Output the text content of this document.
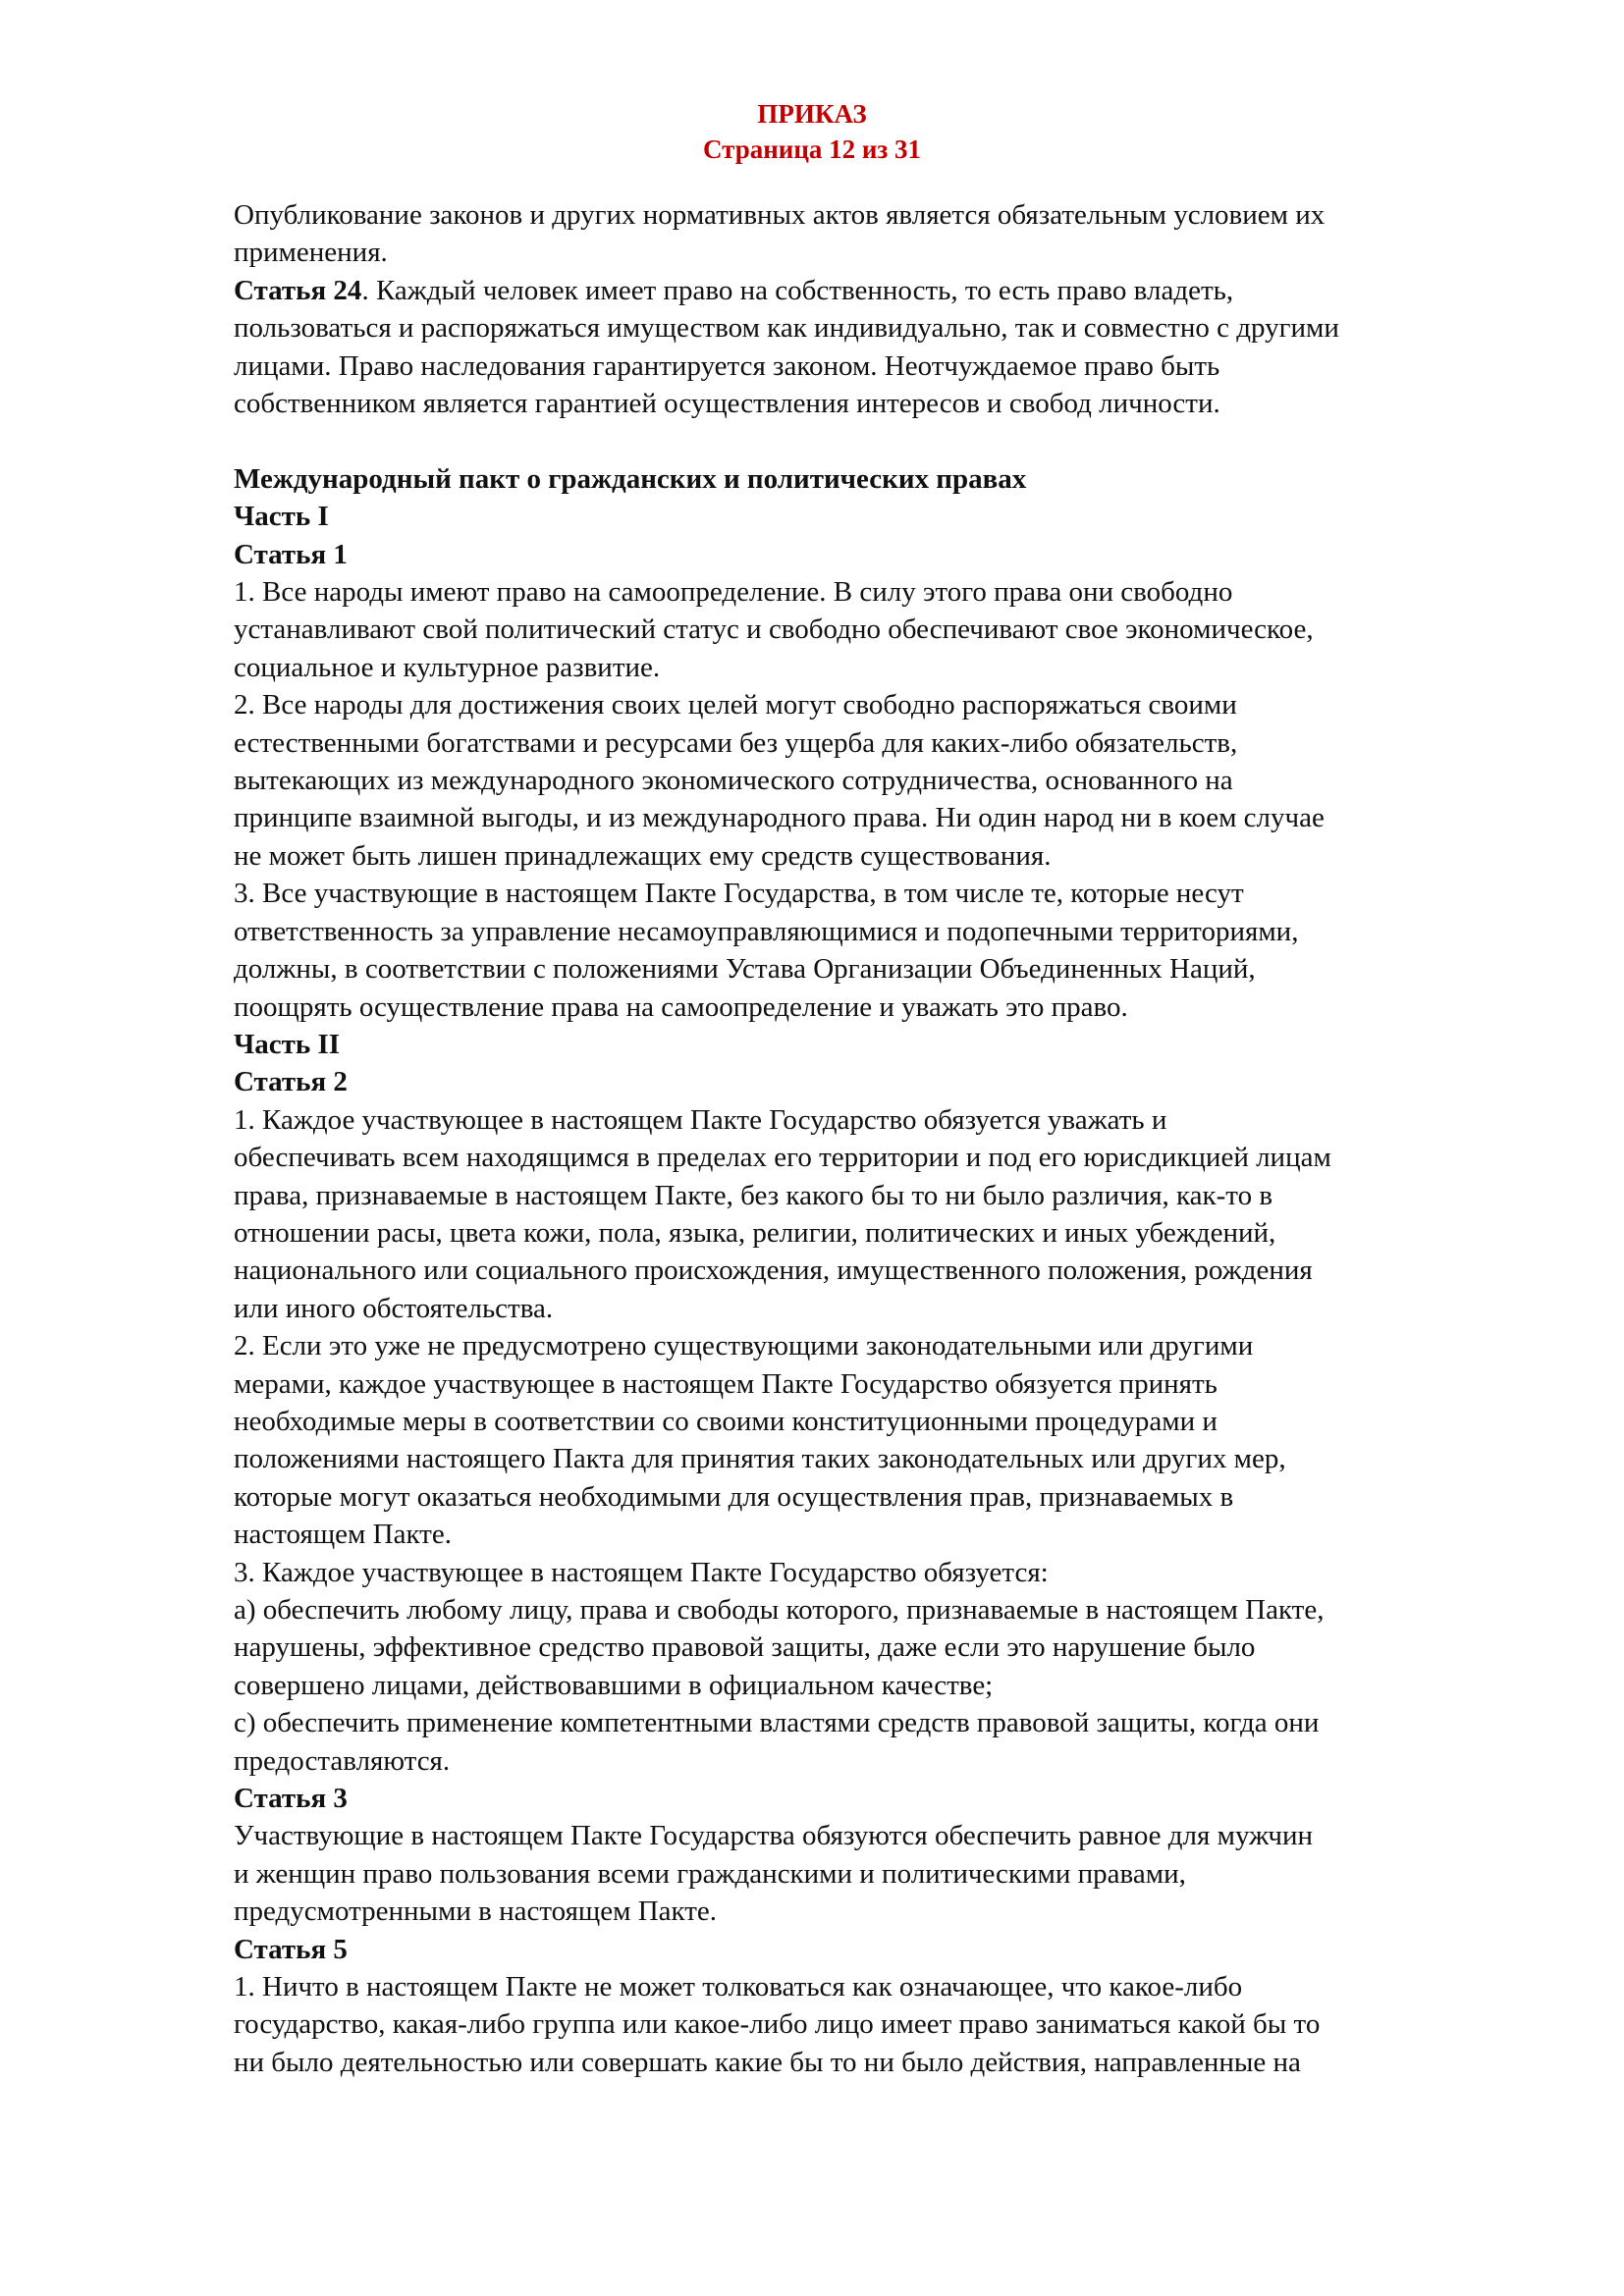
ПРИКАЗ
Страница 12 из 31
Опубликование законов и других нормативных актов является обязательным условием их
применения.
Статья 24. Каждый человек имеет право на собственность, то есть право владеть,
пользоваться и распоряжаться имуществом как индивидуально, так и совместно с другими
лицами. Право наследования гарантируется законом. Неотчуждаемое право быть
собственником является гарантией осуществления интересов и свобод личности.
Международный пакт о гражданских и политических правах
Часть I
Статья 1
1. Все народы имеют право на самоопределение. В силу этого права они свободно
устанавливают свой политический статус и свободно обеспечивают свое экономическое,
социальное и культурное развитие.
2. Все народы для достижения своих целей могут свободно распоряжаться своими
естественными богатствами и ресурсами без ущерба для каких-либо обязательств,
вытекающих из международного экономического сотрудничества, основанного на
принципе взаимной выгоды, и из международного права. Ни один народ ни в коем случае
не может быть лишен принадлежащих ему средств существования.
3. Все участвующие в настоящем Пакте Государства, в том числе те, которые несут
ответственность за управление несамоуправляющимися и подопечными территориями,
должны, в соответствии с положениями Устава Организации Объединенных Наций,
поощрять осуществление права на самоопределение и уважать это право.
Часть II
Статья 2
1. Каждое участвующее в настоящем Пакте Государство обязуется уважать и
обеспечивать всем находящимся в пределах его территории и под его юрисдикцией лицам
права, признаваемые в настоящем Пакте, без какого бы то ни было различия, как-то в
отношении расы, цвета кожи, пола, языка, религии, политических и иных убеждений,
национального или социального происхождения, имущественного положения, рождения
или иного обстоятельства.
2. Если это уже не предусмотрено существующими законодательными или другими
мерами, каждое участвующее в настоящем Пакте Государство обязуется принять
необходимые меры в соответствии со своими конституционными процедурами и
положениями настоящего Пакта для принятия таких законодательных или других мер,
которые могут оказаться необходимыми для осуществления прав, признаваемых в
настоящем Пакте.
3. Каждое участвующее в настоящем Пакте Государство обязуется:
а) обеспечить любому лицу, права и свободы которого, признаваемые в настоящем Пакте,
нарушены, эффективное средство правовой защиты, даже если это нарушение было
совершено лицами, действовавшими в официальном качестве;
с) обеспечить применение компетентными властями средств правовой защиты, когда они
предоставляются.
Статья 3
Участвующие в настоящем Пакте Государства обязуются обеспечить равное для мужчин
и женщин право пользования всеми гражданскими и политическими правами,
предусмотренными в настоящем Пакте.
Статья 5
1. Ничто в настоящем Пакте не может толковаться как означающее, что какое-либо
государство, какая-либо группа или какое-либо лицо имеет право заниматься какой бы то
ни было деятельностью или совершать какие бы то ни было действия, направленные на
